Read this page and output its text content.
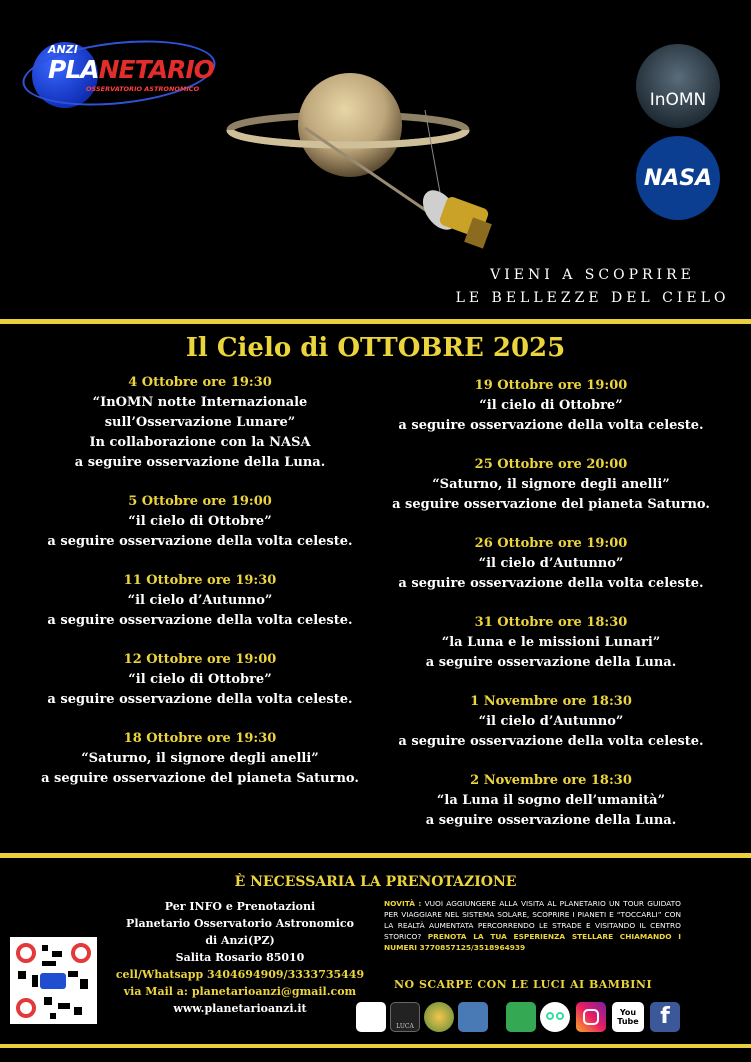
ANZI
PLANETARIO
OSSERVATORIO ASTRONOMICO
InOMN
NASA
VIENI A SCOPRIRE
LE BELLEZZE DEL CIELO
Il Cielo di OTTOBRE 2025
4 Ottobre ore 19:30
“InOMN notte Internazionale
sull’Osservazione Lunare”
In collaborazione con la NASA
a seguire osservazione della Luna.
5 Ottobre ore 19:00
“il cielo di Ottobre”
a seguire osservazione della volta celeste.
11 Ottobre ore 19:30
“il cielo d’Autunno”
a seguire osservazione della volta celeste.
12 Ottobre ore 19:00
“il cielo di Ottobre”
a seguire osservazione della volta celeste.
18 Ottobre ore 19:30
“Saturno, il signore degli anelli”
a seguire osservazione del pianeta Saturno.
19 Ottobre ore 19:00
“il cielo di Ottobre”
a seguire osservazione della volta celeste.
25 Ottobre ore 20:00
“Saturno, il signore degli anelli”
a seguire osservazione del pianeta Saturno.
26 Ottobre ore 19:00
“il cielo d’Autunno”
a seguire osservazione della volta celeste.
31 Ottobre ore 18:30
“la Luna e le missioni Lunari”
a seguire osservazione della Luna.
1 Novembre ore 18:30
“il cielo d’Autunno”
a seguire osservazione della volta celeste.
2 Novembre ore 18:30
“la Luna il sogno dell’umanità”
a seguire osservazione della Luna.
È NECESSARIA LA PRENOTAZIONE
Per INFO e Prenotazioni
Planetario Osservatorio Astronomico
di Anzi(PZ)
Salita Rosario 85010
cell/Whatsapp 3404694909/3333735449
via Mail a: planetarioanzi@gmail.com
www.planetarioanzi.it
NOVITÀ : VUOI AGGIUNGERE ALLA VISITA AL PLANETARIO UN TOUR GUIDATO PER VIAGGIARE NEL SISTEMA SOLARE, SCOPRIRE I PIANETI E “TOCCARLI” CON LA REALTÀ AUMENTATA PERCORRENDO LE STRADE E VISITANDO IL CENTRO STORICO? PRENOTA LA TUA ESPERIENZA STELLARE CHIAMANDO I NUMERI 3770857125/3518964939
NO SCARPE CON LE LUCI AI BAMBINI
LUCA
You Tube f
